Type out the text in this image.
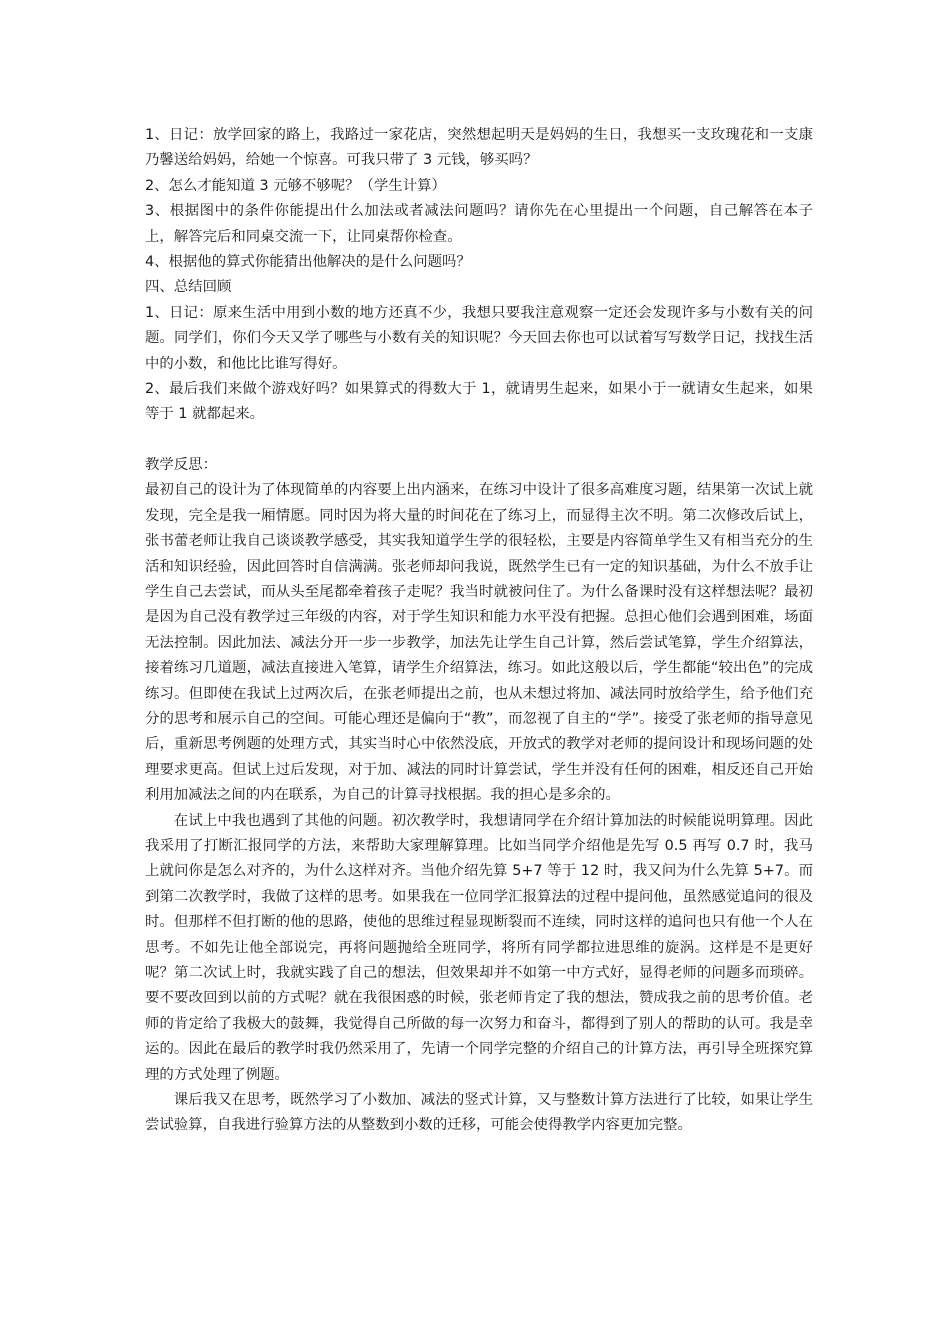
1、日记：放学回家的路上，我路过一家花店，突然想起明天是妈妈的生日，我想买一支玫瑰花和一支康乃馨送给妈妈，给她一个惊喜。可我只带了 3 元钱，够买吗？

2、怎么才能知道 3 元够不够呢？（学生计算）

3、根据图中的条件你能提出什么加法或者减法问题吗？请你先在心里提出一个问题，自己解答在本子上，解答完后和同桌交流一下，让同桌帮你检查。

4、根据他的算式你能猜出他解决的是什么问题吗？

四、总结回顾

1、日记：原来生活中用到小数的地方还真不少，我想只要我注意观察一定还会发现许多与小数有关的问题。同学们，你们今天又学了哪些与小数有关的知识呢？今天回去你也可以试着写写数学日记，找找生活中的小数，和他比比谁写得好。

2、最后我们来做个游戏好吗？如果算式的得数大于 1，就请男生起来，如果小于一就请女生起来，如果等于 1 就都起来。

教学反思：

最初自己的设计为了体现简单的内容要上出内涵来，在练习中设计了很多高难度习题，结果第一次试上就发现，完全是我一厢情愿。同时因为将大量的时间花在了练习上，而显得主次不明。第二次修改后试上，张书蕾老师让我自己谈谈教学感受，其实我知道学生学的很轻松，主要是内容简单学生又有相当充分的生活和知识经验，因此回答时自信满满。张老师却问我说，既然学生已有一定的知识基础，为什么不放手让学生自己去尝试，而从头至尾都牵着孩子走呢？我当时就被问住了。为什么备课时没有这样想法呢？最初是因为自己没有教学过三年级的内容，对于学生知识和能力水平没有把握。总担心他们会遇到困难，场面无法控制。因此加法、减法分开一步一步教学，加法先让学生自己计算，然后尝试笔算，学生介绍算法，接着练习几道题，减法直接进入笔算，请学生介绍算法，练习。如此这般以后，学生都能“较出色”的完成练习。但即使在我试上过两次后，在张老师提出之前，也从未想过将加、减法同时放给学生，给予他们充分的思考和展示自己的空间。可能心理还是偏向于“教”，而忽视了自主的“学”。接受了张老师的指导意见后，重新思考例题的处理方式，其实当时心中依然没底，开放式的教学对老师的提问设计和现场问题的处理要求更高。但试上过后发现，对于加、减法的同时计算尝试，学生并没有任何的困难，相反还自己开始利用加减法之间的内在联系，为自己的计算寻找根据。我的担心是多余的。

在试上中我也遇到了其他的问题。初次教学时，我想请同学在介绍计算加法的时候能说明算理。因此我采用了打断汇报同学的方法，来帮助大家理解算理。比如当同学介绍他是先写 0.5 再写 0.7 时，我马上就问你是怎么对齐的，为什么这样对齐。当他介绍先算 5+7 等于 12 时，我又问为什么先算 5+7。而到第二次教学时，我做了这样的思考。如果我在一位同学汇报算法的过程中提问他，虽然感觉追问的很及时。但那样不但打断的他的思路，使他的思维过程显现断裂而不连续，同时这样的追问也只有他一个人在思考。不如先让他全部说完，再将问题抛给全班同学，将所有同学都拉进思维的旋涡。这样是不是更好呢？第二次试上时，我就实践了自己的想法，但效果却并不如第一中方式好，显得老师的问题多而琐碎。要不要改回到以前的方式呢？就在我很困惑的时候，张老师肯定了我的想法，赞成我之前的思考价值。老师的肯定给了我极大的鼓舞，我觉得自己所做的每一次努力和奋斗，都得到了别人的帮助的认可。我是幸运的。因此在最后的教学时我仍然采用了，先请一个同学完整的介绍自己的计算方法，再引导全班探究算理的方式处理了例题。

课后我又在思考，既然学习了小数加、减法的竖式计算，又与整数计算方法进行了比较，如果让学生尝试验算，自我进行验算方法的从整数到小数的迁移，可能会使得教学内容更加完整。
